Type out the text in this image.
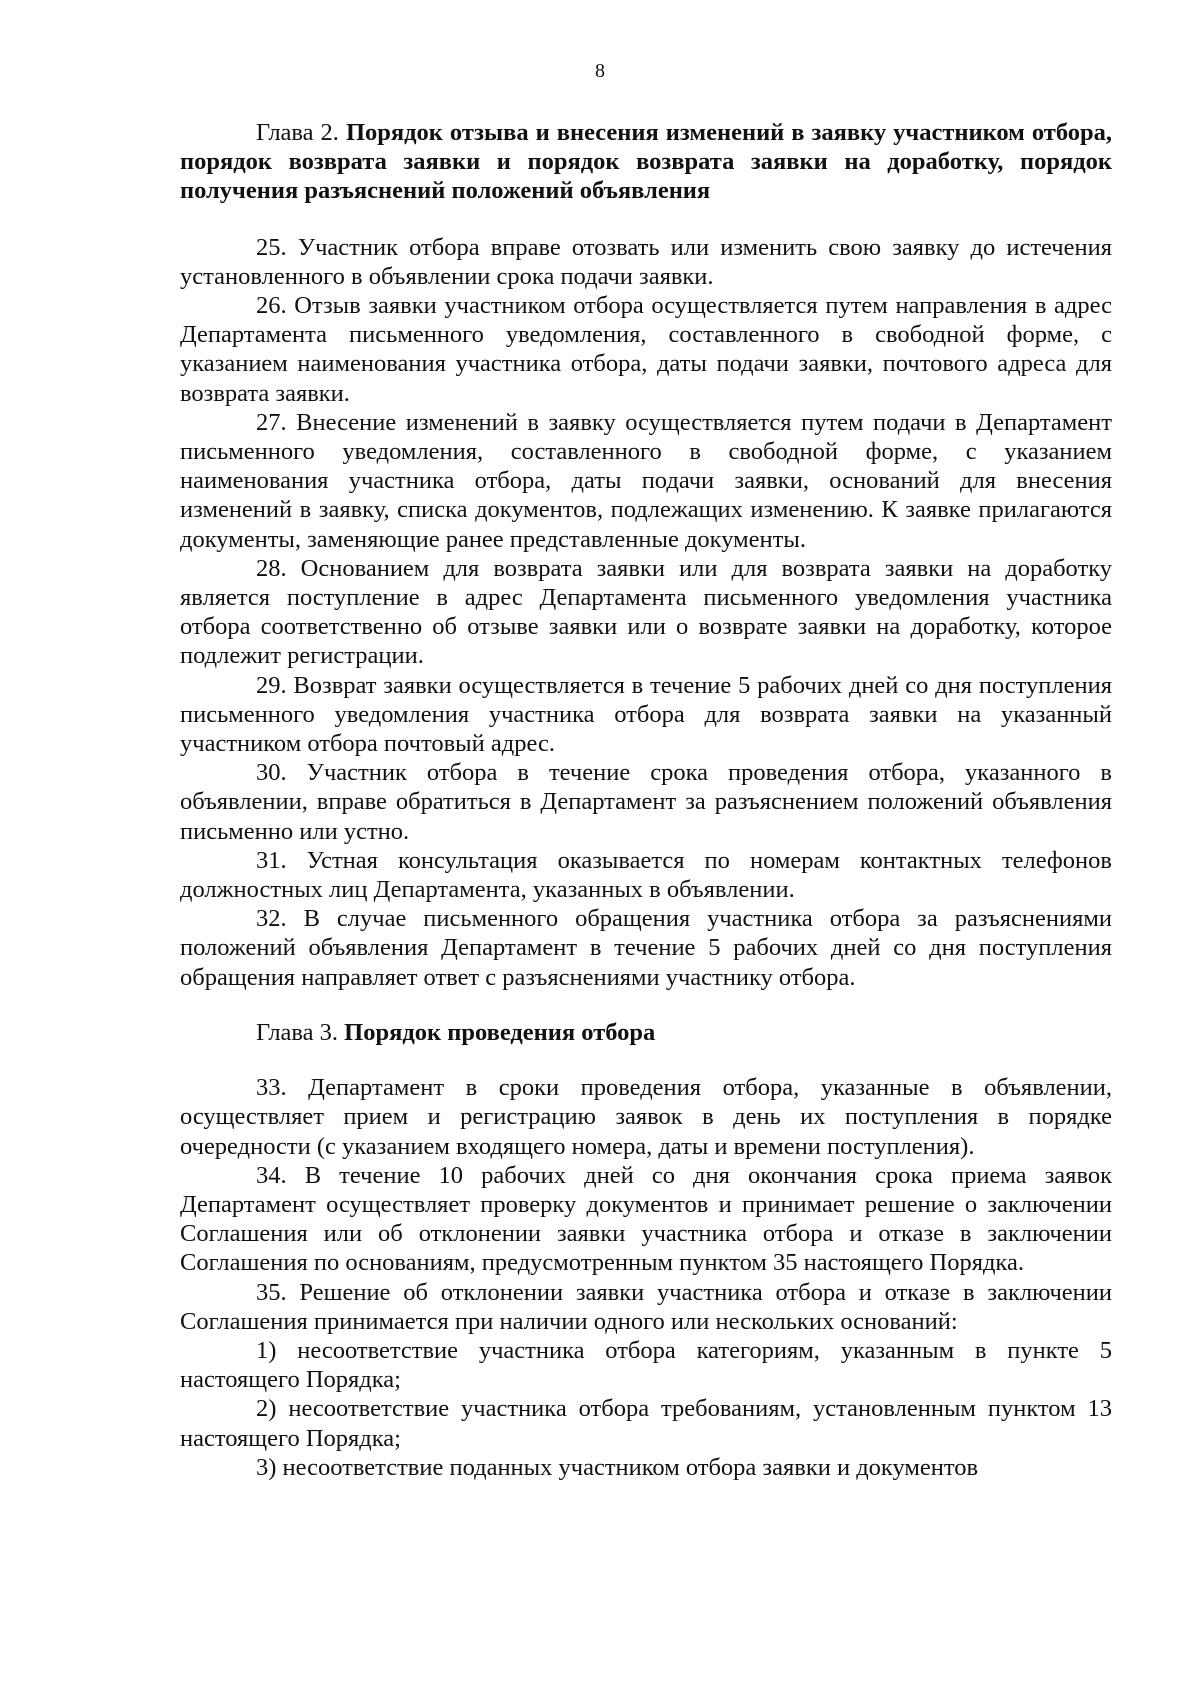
8

Глава 2. Порядок отзыва и внесения изменений в заявку участником отбора, порядок возврата заявки и порядок возврата заявки на доработку, порядок получения разъяснений положений объявления

25. Участник отбора вправе отозвать или изменить свою заявку до истечения установленного в объявлении срока подачи заявки.

26. Отзыв заявки участником отбора осуществляется путем направления в адрес Департамента письменного уведомления, составленного в свободной форме, с указанием наименования участника отбора, даты подачи заявки, почтового адреса для возврата заявки.

27. Внесение изменений в заявку осуществляется путем подачи в Департамент письменного уведомления, составленного в свободной форме, с указанием наименования участника отбора, даты подачи заявки, оснований для внесения изменений в заявку, списка документов, подлежащих изменению. К заявке прилагаются документы, заменяющие ранее представленные документы.

28. Основанием для возврата заявки или для возврата заявки на доработку является поступление в адрес Департамента письменного уведомления участника отбора соответственно об отзыве заявки или о возврате заявки на доработку, которое подлежит регистрации.

29. Возврат заявки осуществляется в течение 5 рабочих дней со дня поступления письменного уведомления участника отбора для возврата заявки на указанный участником отбора почтовый адрес.

30. Участник отбора в течение срока проведения отбора, указанного в объявлении, вправе обратиться в Департамент за разъяснением положений объявления письменно или устно.

31. Устная консультация оказывается по номерам контактных телефонов должностных лиц Департамента, указанных в объявлении.

32. В случае письменного обращения участника отбора за разъяснениями положений объявления Департамент в течение 5 рабочих дней со дня поступления обращения направляет ответ с разъяснениями участнику отбора.

Глава 3. Порядок проведения отбора

33. Департамент в сроки проведения отбора, указанные в объявлении, осуществляет прием и регистрацию заявок в день их поступления в порядке очередности (с указанием входящего номера, даты и времени поступления).

34. В течение 10 рабочих дней со дня окончания срока приема заявок Департамент осуществляет проверку документов и принимает решение о заключении Соглашения или об отклонении заявки участника отбора и отказе в заключении Соглашения по основаниям, предусмотренным пунктом 35 настоящего Порядка.

35. Решение об отклонении заявки участника отбора и отказе в заключении Соглашения принимается при наличии одного или нескольких оснований:

1) несоответствие участника отбора категориям, указанным в пункте 5 настоящего Порядка;

2) несоответствие участника отбора требованиям, установленным пунктом 13 настоящего Порядка;

3) несоответствие поданных участником отбора заявки и документов
